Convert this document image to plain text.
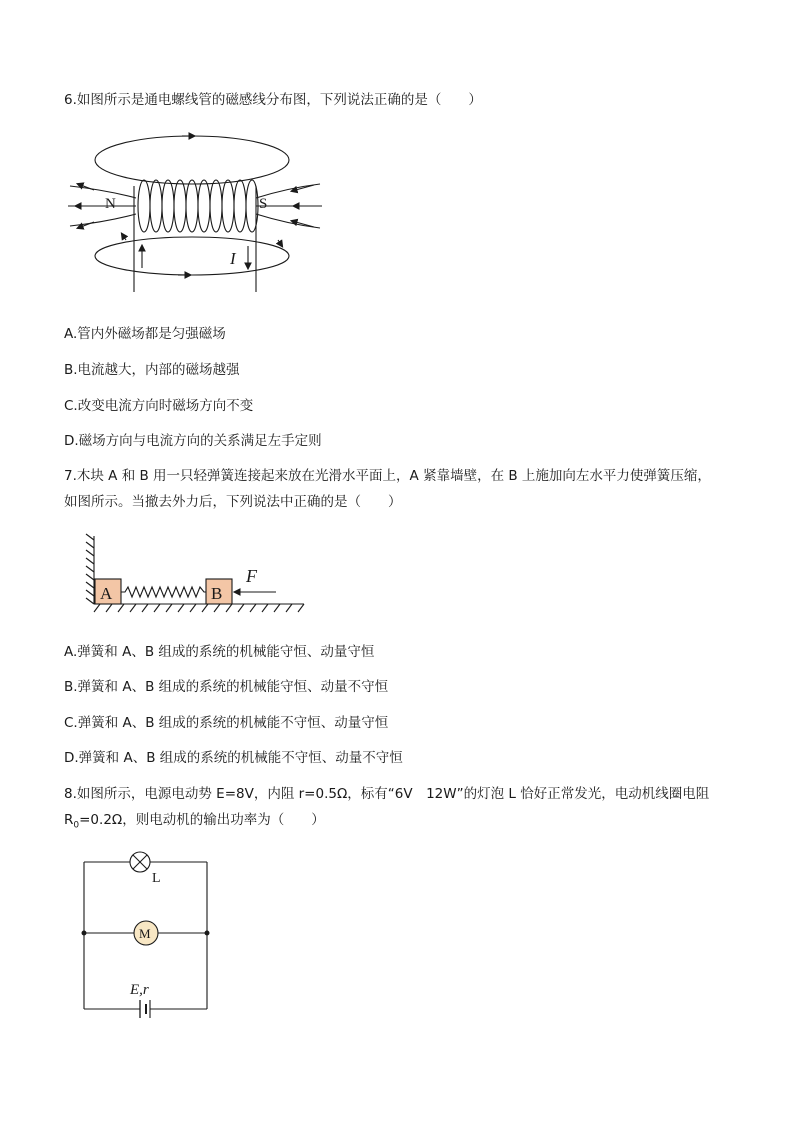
6.如图所示是通电螺线管的磁感线分布图，下列说法正确的是（　　）
N	S
I
A.管内外磁场都是匀强磁场
B.电流越大，内部的磁场越强
C.改变电流方向时磁场方向不变
D.磁场方向与电流方向的关系满足左手定则
7.木块 A 和 B 用一只轻弹簧连接起来放在光滑水平面上，A 紧靠墙壁，在 B 上施加向左水平力使弹簧压缩，
如图所示。当撤去外力后，下列说法中正确的是（　　）
A	B
F
A.弹簧和 A、B 组成的系统的机械能守恒、动量守恒
B.弹簧和 A、B 组成的系统的机械能守恒、动量不守恒
C.弹簧和 A、B 组成的系统的机械能不守恒、动量守恒
D.弹簧和 A、B 组成的系统的机械能不守恒、动量不守恒
8.如图所示，电源电动势 E=8V，内阻 r=0.5Ω，标有“6V　12W”的灯泡 L 恰好正常发光，电动机线圈电阻
$R_0=0.2\Omega$，则电动机的输出功率为（　　）
M
L
E,r
